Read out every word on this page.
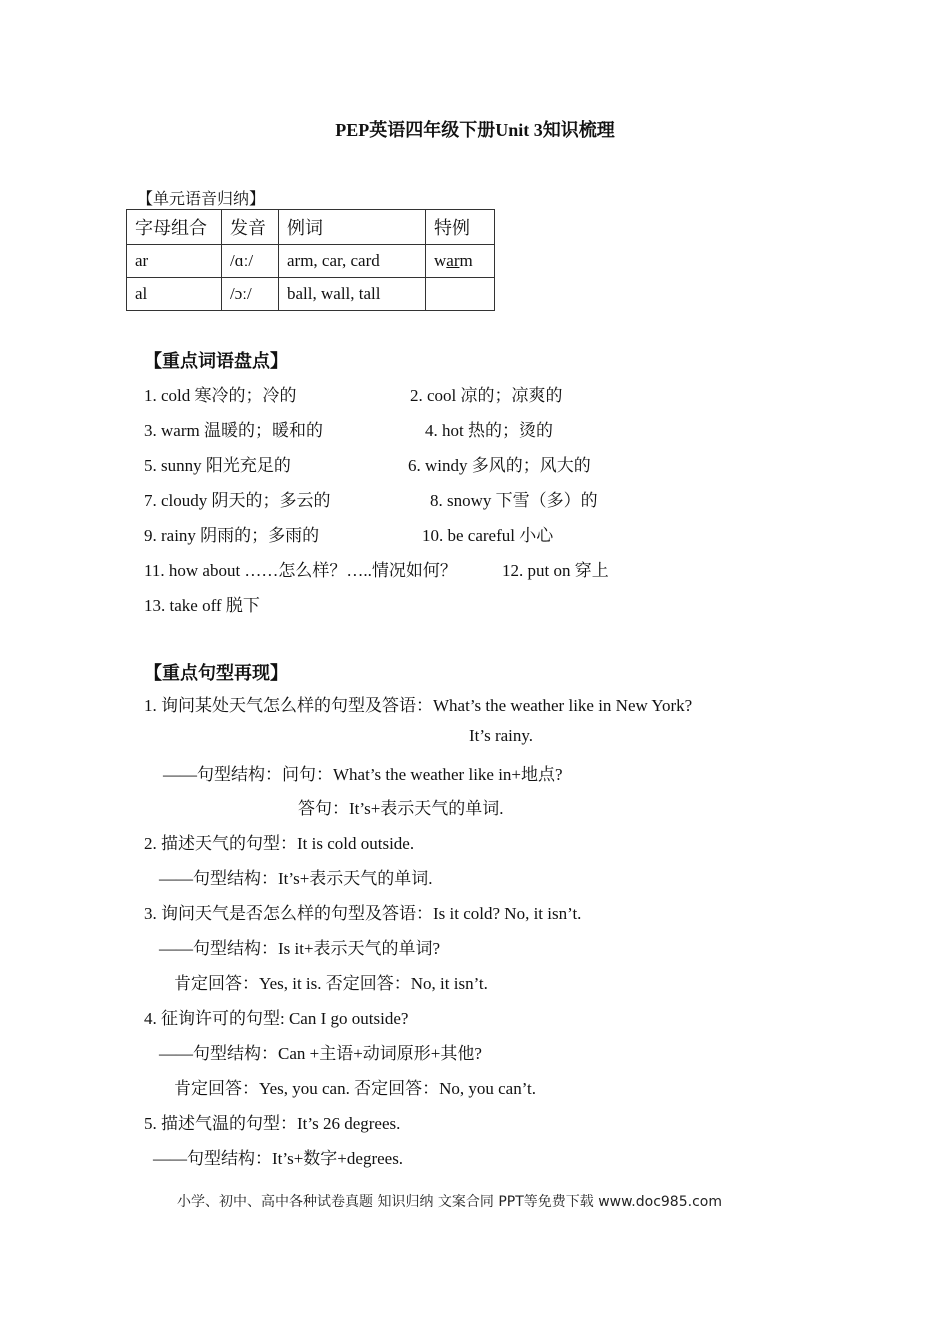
PEP英语四年级下册Unit 3知识梳理
【单元语音归纳】
字母组合	发音	例词	特例
ar	/ɑː/	arm, car, card	warm
al	/ɔː/	ball, wall, tall	
【重点词语盘点】
1. cold 寒冷的；冷的	2. cool 凉的；凉爽的
3. warm 温暖的；暖和的	4. hot 热的；烫的
5. sunny 阳光充足的	6. windy 多风的；风大的
7. cloudy 阴天的；多云的	8. snowy 下雪（多）的
9. rainy 阴雨的；多雨的	10. be careful 小心
11. how about ……怎么样？…..情况如何？	12. put on 穿上
13. take off 脱下
【重点句型再现】
1. 询问某处天气怎么样的句型及答语：What’s the weather like in New York?
It’s rainy.
——句型结构：问句：What’s the weather like in+地点?
答句：It’s+表示天气的单词.
2. 描述天气的句型：It is cold outside.
——句型结构：It’s+表示天气的单词.
3. 询问天气是否怎么样的句型及答语：Is it cold? No, it isn’t.
——句型结构：Is it+表示天气的单词?
肯定回答：Yes, it is. 否定回答：No, it isn’t.
4. 征询许可的句型: Can I go outside?
——句型结构：Can +主语+动词原形+其他?
肯定回答：Yes, you can. 否定回答：No, you can’t.
5. 描述气温的句型：It’s 26 degrees.
——句型结构：It’s+数字+degrees.
小学、初中、高中各种试卷真题 知识归纳 文案合同 PPT等免费下载 www.doc985.com
